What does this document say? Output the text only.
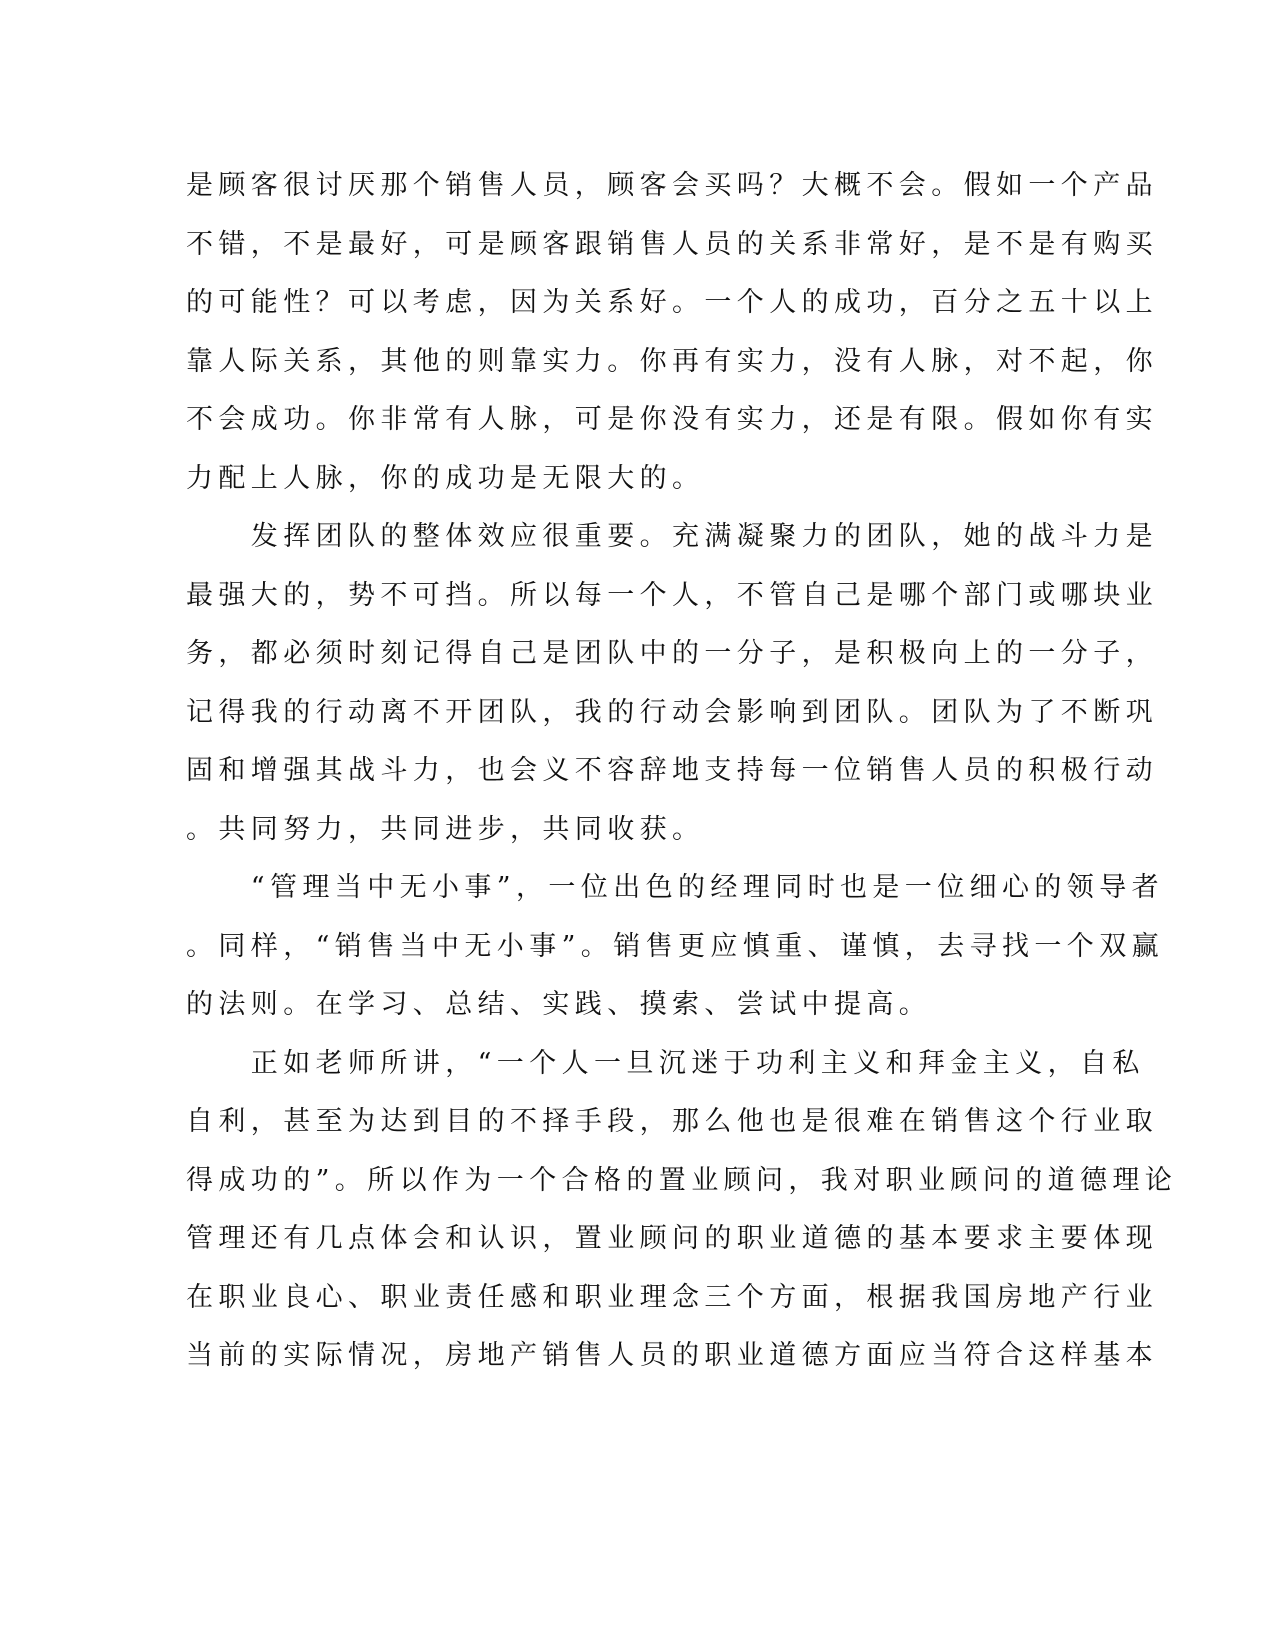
是顾客很讨厌那个销售人员，顾客会买吗？大概不会。假如一个产品
不错，不是最好，可是顾客跟销售人员的关系非常好，是不是有购买
的可能性？可以考虑，因为关系好。一个人的成功，百分之五十以上
靠人际关系，其他的则靠实力。你再有实力，没有人脉，对不起，你
不会成功。你非常有人脉，可是你没有实力，还是有限。假如你有实
力配上人脉，你的成功是无限大的。
　　发挥团队的整体效应很重要。充满凝聚力的团队，她的战斗力是
最强大的，势不可挡。所以每一个人，不管自己是哪个部门或哪块业
务，都必须时刻记得自己是团队中的一分子，是积极向上的一分子，
记得我的行动离不开团队，我的行动会影响到团队。团队为了不断巩
固和增强其战斗力，也会义不容辞地支持每一位销售人员的积极行动
。共同努力，共同进步，共同收获。
　　“管理当中无小事”，一位出色的经理同时也是一位细心的领导者
。同样，“销售当中无小事”。销售更应慎重、谨慎，去寻找一个双赢
的法则。在学习、总结、实践、摸索、尝试中提高。
　　正如老师所讲，“一个人一旦沉迷于功利主义和拜金主义，自私
自利，甚至为达到目的不择手段，那么他也是很难在销售这个行业取
得成功的”。所以作为一个合格的置业顾问，我对职业顾问的道德理论
管理还有几点体会和认识，置业顾问的职业道德的基本要求主要体现
在职业良心、职业责任感和职业理念三个方面，根据我国房地产行业
当前的实际情况，房地产销售人员的职业道德方面应当符合这样基本
